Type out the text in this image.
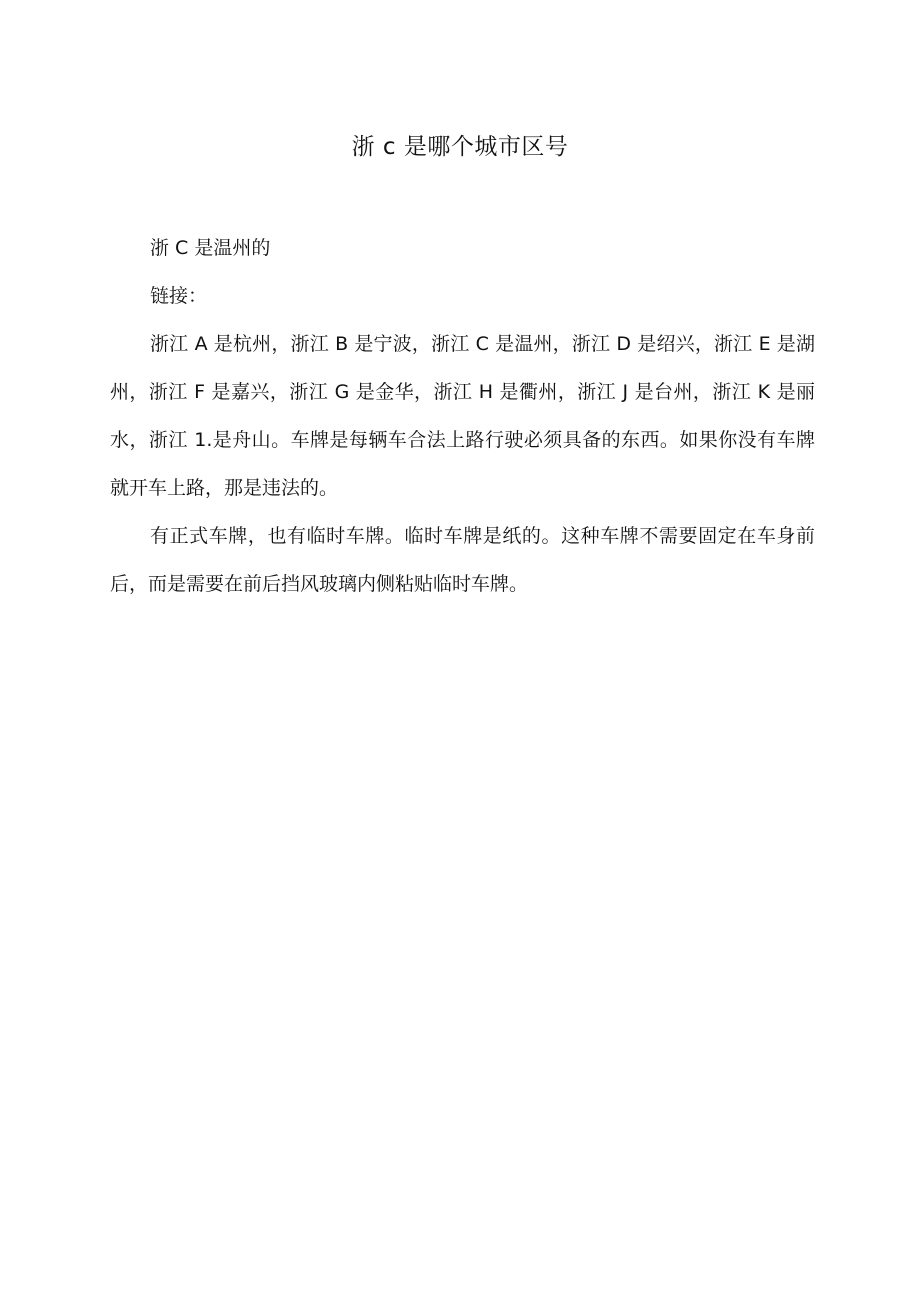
浙 c 是哪个城市区号

浙 C 是温州的

链接：

浙江 A 是杭州，浙江 B 是宁波，浙江 C 是温州，浙江 D 是绍兴，浙江 E 是湖州，浙江 F 是嘉兴，浙江 G 是金华，浙江 H 是衢州，浙江 J 是台州，浙江 K 是丽水，浙江 1.是舟山。车牌是每辆车合法上路行驶必须具备的东西。如果你没有车牌就开车上路，那是违法的。

有正式车牌，也有临时车牌。临时车牌是纸的。这种车牌不需要固定在车身前后，而是需要在前后挡风玻璃内侧粘贴临时车牌。
